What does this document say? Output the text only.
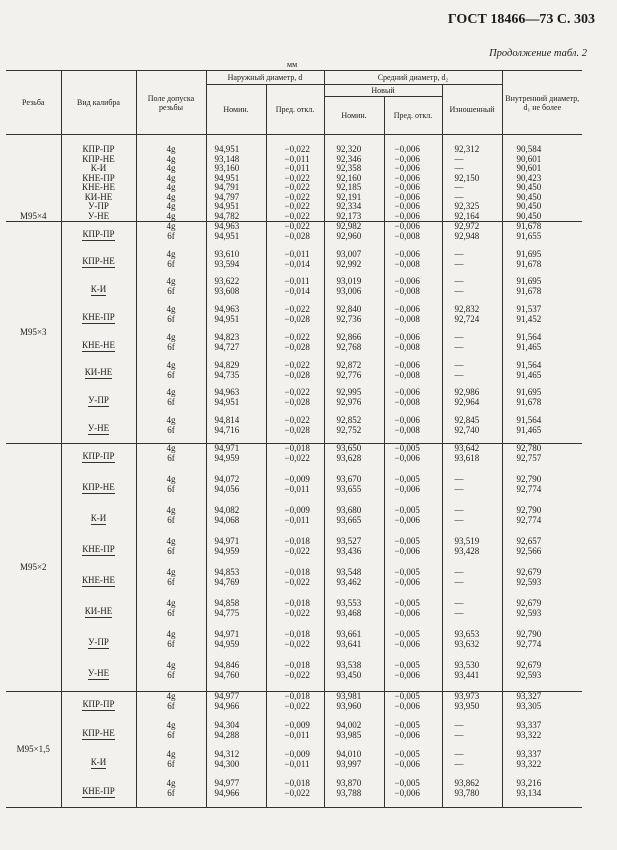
ГОСТ 18466—73 С. 303
Продолжение табл. 2
мм
Резьба	Вид калибра	Поле допуска резьбы	Наружный диаметр, d		Средний диаметр, d₂			Внутренний диаметр, d₁ не более
			Номин.	Пред. откл.	Новый		Изношенный	
					Номин.	Пред. откл.		
M95×4	КПР-ПР	4g	94,951	−0,022	92,320	−0,006	92,312	90,584
	КПР-НЕ	4g	93,148	−0,011	92,346	−0,006	—	90,601
	К-И	4g	93,160	−0,011	92,358	−0,006	—	90,601
	КНЕ-ПР	4g	94,951	−0,022	92,160	−0,006	92,150	90,423
	КНЕ-НЕ	4g	94,791	−0,022	92,185	−0,006	—	90,450
	КИ-НЕ	4g	94,797	−0,022	92,191	−0,006	—	90,450
	У-ПР	4g	94,951	−0,022	92,334	−0,006	92,325	90,450
	У-НЕ	4g	94,782	−0,022	92,173	−0,006	92,164	90,450
M95×3	КПР-ПР	4g	94,963	−0,022	92,982	−0,006	92,972	91,678
		6f	94,951	−0,028	92,960	−0,008	92,948	91,655

	КПР-НЕ	4g	93,610	−0,011	93,007	−0,006	—	91,695
		6f	93,594	−0,014	92,992	−0,008	—	91,678

	К-И	4g	93,622	−0,011	93,019	−0,006	—	91,695
		6f	93,608	−0,014	93,006	−0,008	—	91,678

	КНЕ-ПР	4g	94,963	−0,022	92,840	−0,006	92,832	91,537
		6f	94,951	−0,028	92,736	−0,008	92,724	91,452

	КНЕ-НЕ	4g	94,823	−0,022	92,866	−0,006	—	91,564
		6f	94,727	−0,028	92,768	−0,008	—	91,465

	КИ-НЕ	4g	94,829	−0,022	92,872	−0,006	—	91,564
		6f	94,735	−0,028	92,776	−0,008	—	91,465

	У-ПР	4g	94,963	−0,022	92,995	−0,006	92,986	91,695
		6f	94,951	−0,028	92,976	−0,008	92,964	91,678

	У-НЕ	4g	94,814	−0,022	92,852	−0,006	92,845	91,564
		6f	94,716	−0,028	92,752	−0,008	92,740	91,465

M95×2	КПР-ПР	4g	94,971	−0,018	93,650	−0,005	93,642	92,780
		6f	94,959	−0,022	93,628	−0,006	93,618	92,757

	КПР-НЕ	4g	94,072	−0,009	93,670	−0,005	—	92,790
		6f	94,056	−0,011	93,655	−0,006	—	92,774

	К-И	4g	94,082	−0,009	93,680	−0,005	—	92,790
		6f	94,068	−0,011	93,665	−0,006	—	92,774

	КНЕ-ПР	4g	94,971	−0,018	93,527	−0,005	93,519	92,657
		6f	94,959	−0,022	93,436	−0,006	93,428	92,566

	КНЕ-НЕ	4g	94,853	−0,018	93,548	−0,005	—	92,679
		6f	94,769	−0,022	93,462	−0,006	—	92,593

	КИ-НЕ	4g	94,858	−0,018	93,553	−0,005	—	92,679
		6f	94,775	−0,022	93,468	−0,006	—	92,593

	У-ПР	4g	94,971	−0,018	93,661	−0,005	93,653	92,790
		6f	94,959	−0,022	93,641	−0,006	93,632	92,774

	У-НЕ	4g	94,846	−0,018	93,538	−0,005	93,530	92,679
		6f	94,760	−0,022	93,450	−0,006	93,441	92,593

M95×1,5	КПР-ПР	4g	94,977	−0,018	93,981	−0,005	93,973	93,327
		6f	94,966	−0,022	93,960	−0,006	93,950	93,305

	КПР-НЕ	4g	94,304	−0,009	94,002	−0,005	—	93,337
		6f	94,288	−0,011	93,985	−0,006	—	93,322

	К-И	4g	94,312	−0,009	94,010	−0,005	—	93,337
		6f	94,300	−0,011	93,997	−0,006	—	93,322

	КНЕ-ПР	4g	94,977	−0,018	93,870	−0,005	93,862	93,216
		6f	94,966	−0,022	93,788	−0,006	93,780	93,134
